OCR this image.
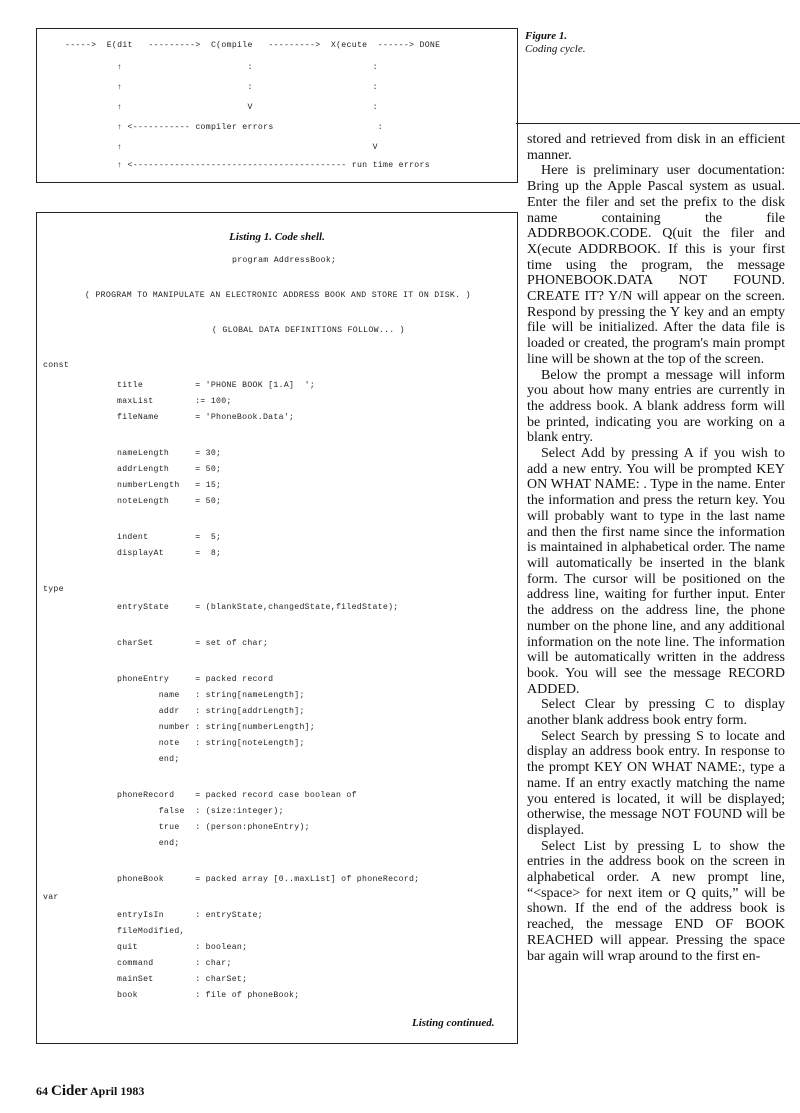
----->  E(dit   --------->  C(ompile   --------->  X(ecute  ------> DONE
↑                        :                       :
↑                        :                       :
↑                        V                       :
↑ <----------- compiler errors                    :
↑                                                V
↑ <----------------------------------------- run time errors
Figure 1.
Coding cycle.
Listing 1. Code shell.
program AddressBook;
( PROGRAM TO MANIPULATE AN ELECTRONIC ADDRESS BOOK AND STORE IT ON DISK. )
( GLOBAL DATA DEFINITIONS FOLLOW... )
const
title          = 'PHONE BOOK [1.A]  ';
maxList        := 100;
fileName       = 'PhoneBook.Data';
nameLength     = 30;
addrLength     = 50;
numberLength   = 15;
noteLength     = 50;
indent         =  5;
displayAt      =  8;
type
entryState     = (blankState,changedState,filedState);
charSet        = set of char;
phoneEntry     = packed record
name   : string[nameLength];
addr   : string[addrLength];
number : string[numberLength];
note   : string[noteLength];
end;
phoneRecord    = packed record case boolean of
false  : (size:integer);
true   : (person:phoneEntry);
end;
phoneBook      = packed array [0..maxList] of phoneRecord;
var
entryIsIn      : entryState;
fileModified,
quit           : boolean;
command        : char;
mainSet        : charSet;
book           : file of phoneBook;
Listing continued.

stored and retrieved from disk in an efficient manner.

Here is preliminary user documentation: Bring up the Apple Pascal system as usual. Enter the filer and set the prefix to the disk name containing the file ADDRBOOK.CODE. Q(uit the filer and X(ecute ADDRBOOK. If this is your first time using the program, the message PHONEBOOK.DATA NOT FOUND. CREATE IT? Y/N will appear on the screen. Respond by pressing the Y key and an empty file will be initialized. After the data file is loaded or created, the program's main prompt line will be shown at the top of the screen.

Below the prompt a message will inform you about how many entries are currently in the address book. A blank address form will be printed, indicating you are working on a blank entry.

Select Add by pressing A if you wish to add a new entry. You will be prompted KEY ON WHAT NAME: . Type in the name. Enter the information and press the return key. You will probably want to type in the last name and then the first name since the information is maintained in alphabetical order. The name will automatically be inserted in the blank form. The cursor will be positioned on the address line, waiting for further input. Enter the address on the address line, the phone number on the phone line, and any additional information on the note line. The information will be automatically written in the address book. You will see the message RECORD ADDED.

Select Clear by pressing C to display another blank address book entry form.

Select Search by pressing S to locate and display an address book entry. In response to the prompt KEY ON WHAT NAME:, type a name. If an entry exactly matching the name you entered is located, it will be displayed; otherwise, the message NOT FOUND will be displayed.

Select List by pressing L to show the entries in the address book on the screen in alphabetical order. A new prompt line, “<space> for next item or Q quits,” will be shown. If the end of the address book is reached, the message END OF BOOK REACHED will appear. Pressing the space bar again will wrap around to the first en-

64 Cider April 1983
